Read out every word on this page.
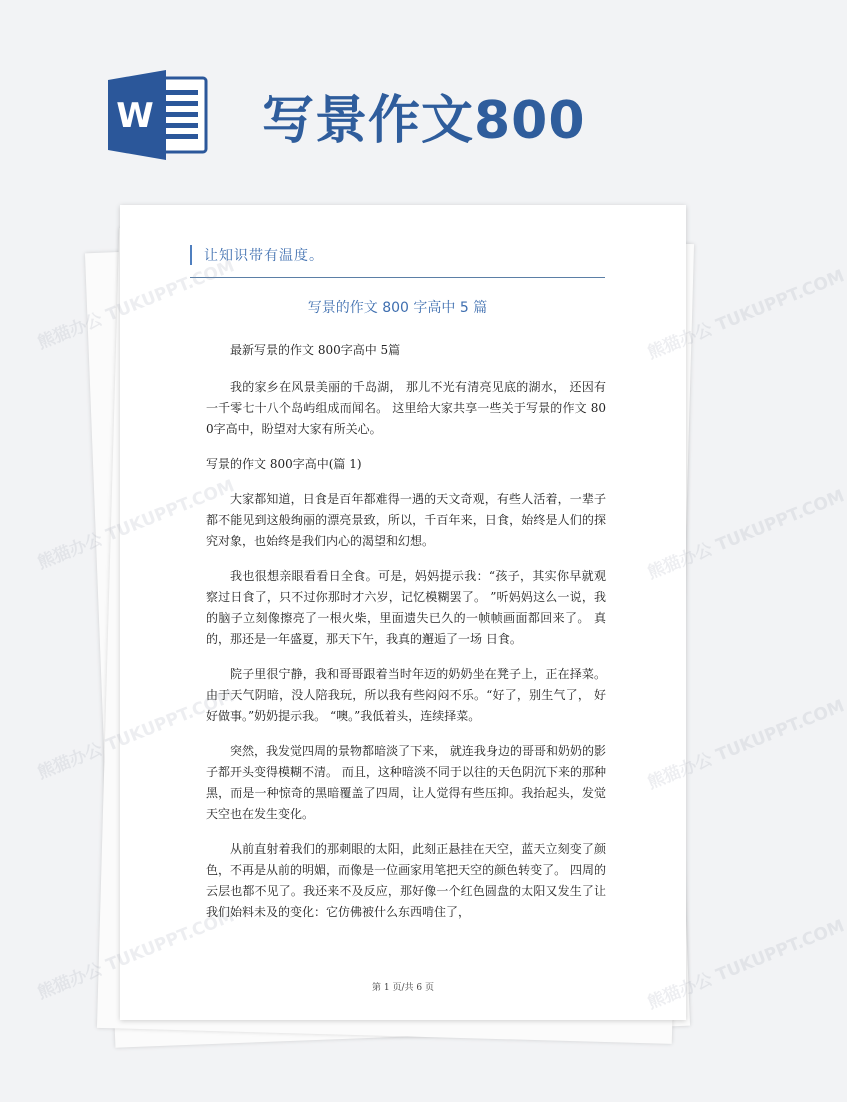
W 写景作文800
让知识带有温度。
写景的作文 800 字高中 5 篇

最新写景的作文 800字高中 5篇

我的家乡在风景美丽的千岛湖， 那儿不光有清亮见底的湖水， 还因有一千零七十八个岛屿组成而闻名。 这里给大家共享一些关于写景的作文 800字高中，盼望对大家有所关心。

写景的作文 800字高中(篇 1)

大家都知道，日食是百年都难得一遇的天文奇观，有些人活着，一辈子都不能见到这般绚丽的漂亮景致，所以，千百年来，日食，始终是人们的探究对象，也始终是我们内心的渴望和幻想。

我也很想亲眼看看日全食。可是，妈妈提示我：“孩子，其实你早就观察过日食了，只不过你那时才六岁，记忆模糊罢了。 ”听妈妈这么一说，我的脑子立刻像擦亮了一根火柴，里面遗失已久的一帧帧画面都回来了。 真的，那还是一年盛夏，那天下午，我真的邂逅了一场 日食。

院子里很宁静，我和哥哥跟着当时年迈的奶奶坐在凳子上，正在择菜。由于天气阴暗，没人陪我玩，所以我有些闷闷不乐。“好了，别生气了， 好好做事。”奶奶提示我。 “噢。”我低着头，连续择菜。

突然，我发觉四周的景物都暗淡了下来， 就连我身边的哥哥和奶奶的影子都开头变得模糊不清。 而且，这种暗淡不同于以往的天色阴沉下来的那种黑，而是一种惊奇的黑暗覆盖了四周，让人觉得有些压抑。我抬起头，发觉天空也在发生变化。

从前直射着我们的那刺眼的太阳，此刻正悬挂在天空，蓝天立刻变了颜色，不再是从前的明媚，而像是一位画家用笔把天空的颜色转变了。 四周的云层也都不见了。我还来不及反应，那好像一个红色圆盘的太阳又发生了让我们始料未及的变化：它仿佛被什么东西啃住了，

第 1 页/共 6 页
熊猫办公	熊猫办公 TUKUPPT.COM
熊猫办公	熊猫办公 TUKUPPT.COM
熊猫办公	熊猫办公 TUKUPPT.COM
熊猫办公	熊猫办公 TUKUPPT.COM
